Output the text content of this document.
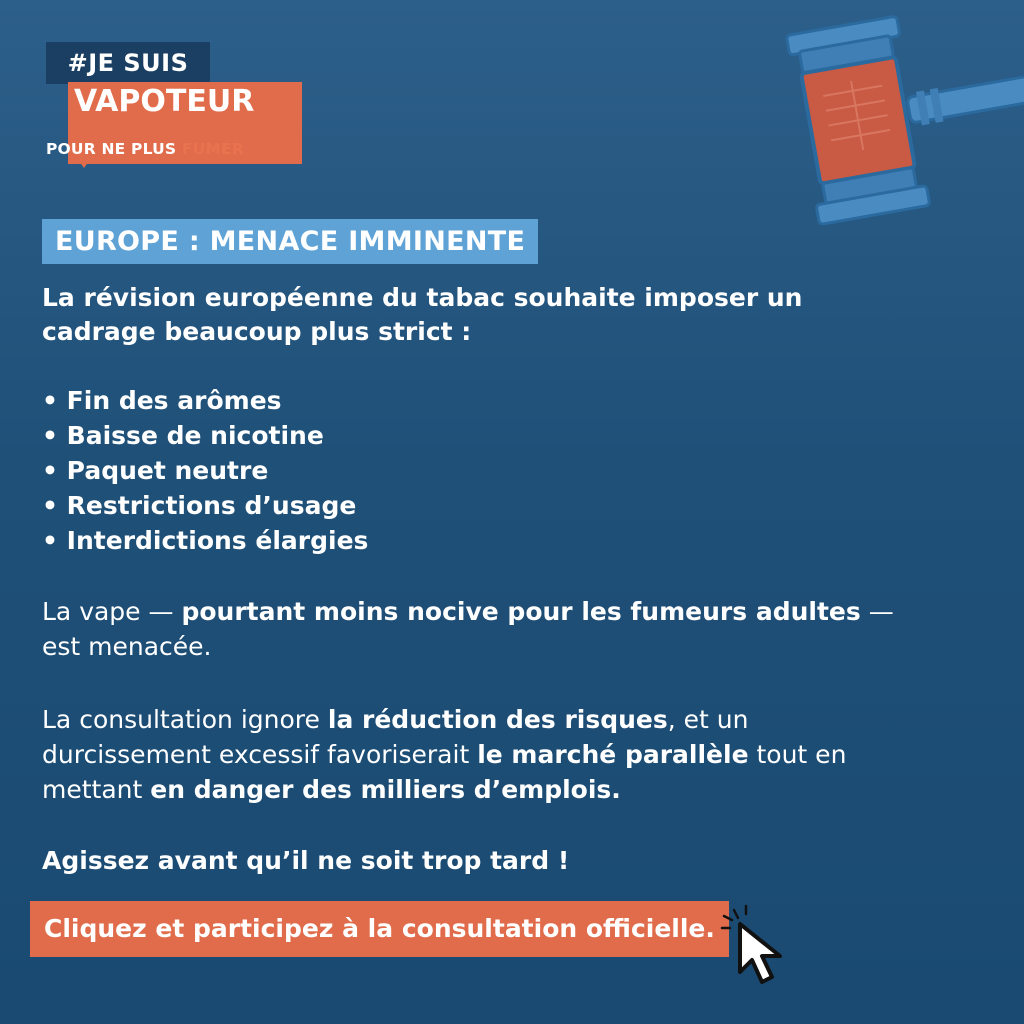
#JE SUIS
VAPOTEUR
POUR NE PLUS FUMER
EUROPE : MENACE IMMINENTE
La révision européenne du tabac souhaite imposer un
cadrage beaucoup plus strict :
• Fin des arômes
• Baisse de nicotine
• Paquet neutre
• Restrictions d’usage
• Interdictions élargies
La vape — pourtant moins nocive pour les fumeurs adultes —
est menacée.
La consultation ignore la réduction des risques, et un
durcissement excessif favoriserait le marché parallèle tout en
mettant en danger des milliers d’emplois.
Agissez avant qu’il ne soit trop tard !
Cliquez et participez à la consultation officielle.
